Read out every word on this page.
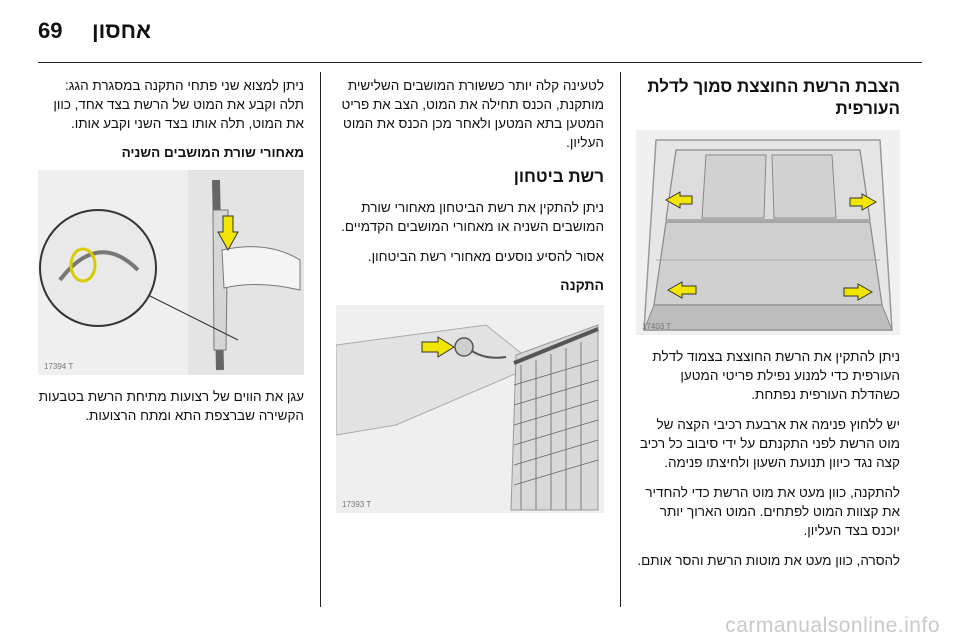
69 אחסון
הצבת הרשת החוצצת סמוך לדלת העורפית
17403 T

ניתן להתקין את הרשת החוצצת בצמוד לדלת העורפית כדי למנוע נפילת פריטי המטען כשהדלת העורפית נפתחת.

יש ללחוץ פנימה את ארבעת רכיבי הקצה של מוט הרשת לפני התקנתם על ידי סיבוב כל רכיב קצה נגד כיוון תנועת השעון ולחיצתו פנימה.

להתקנה, כוון מעט את מוט הרשת כדי להחדיר את קצוות המוט לפתחים. המוט הארוך יותר יוכנס בצד העליון.

להסרה, כוון מעט את מוטות הרשת והסר אותם.

לטעינה קלה יותר כששורת המושבים השלישית מותקנת, הכנס תחילה את המוט, הצב את פריט המטען בתא המטען ולאחר מכן הכנס את המוט העליון.

רשת ביטחון

ניתן להתקין את רשת הביטחון מאחורי שורת המושבים השניה או מאחורי המושבים הקדמיים.

אסור להסיע נוסעים מאחורי רשת הביטחון.

התקנה
17393 T

ניתן למצוא שני פתחי התקנה במסגרת הגג: תלה וקבע את המוט של הרשת בצד אחד, כוון את המוט, תלה אותו בצד השני וקבע אותו.

מאחורי שורת המושבים השניה
17394 T

עגן את הווים של רצועות מתיחת הרשת בטבעות הקשירה שברצפת התא ומתח הרצועות.

carmanualsonline.info
